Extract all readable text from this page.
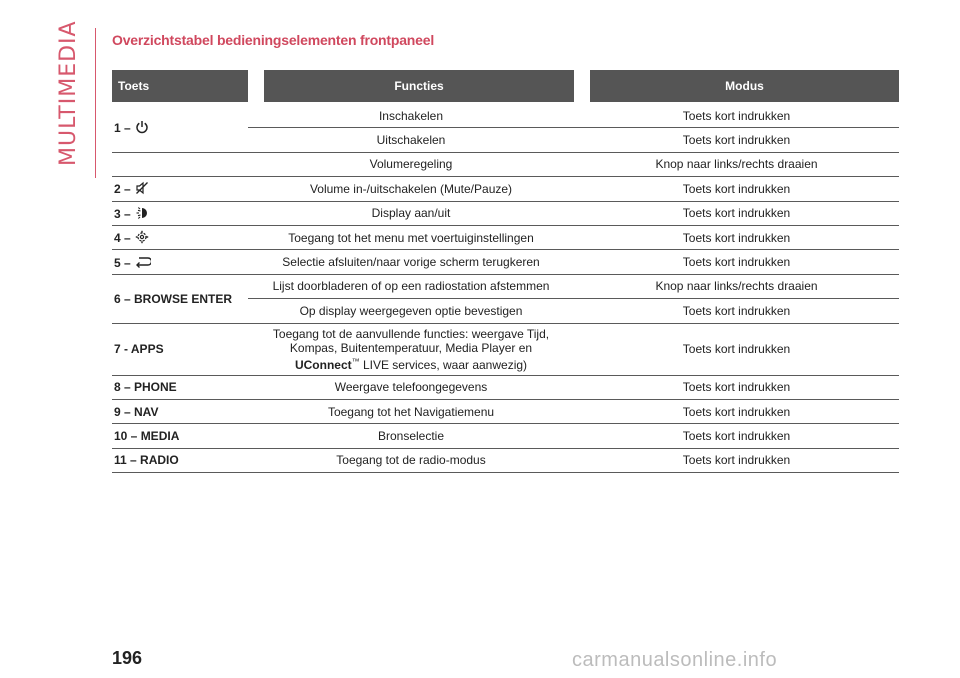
MULTIMEDIA	Overzichtstabel bedieningselementen frontpaneel
Toets		Functies		Modus
1 –	Inschakelen		Toets kort indrukken	
	Uitschakelen		Toets kort indrukken	
	Volumeregeling		Knop naar links/rechts draaien	
2 –	Volume in-/uitschakelen (Mute/Pauze)		Toets kort indrukken	
3 –	Display aan/uit		Toets kort indrukken	
4 –	Toegang tot het menu met voertuiginstellingen		Toets kort indrukken	
5 –	Selectie afsluiten/naar vorige scherm terugkeren		Toets kort indrukken	
6 – BROWSE ENTER	Lijst doorbladeren of op een radiostation afstemmen		Knop naar links/rechts draaien	
	Op display weergegeven optie bevestigen		Toets kort indrukken	
7 - APPS	Toegang tot de aanvullende functies: weergave Tijd,
Kompas, Buitentemperatuur, Media Player en
UConnect™ LIVE services, waar aanwezig)		Toets kort indrukken	
8 – PHONE	Weergave telefoongegevens		Toets kort indrukken	
9 – NAV	Toegang tot het Navigatiemenu		Toets kort indrukken	
10 – MEDIA	Bronselectie		Toets kort indrukken	
11 – RADIO	Toegang tot de radio-modus		Toets kort indrukken	
196	carmanualsonline.info
